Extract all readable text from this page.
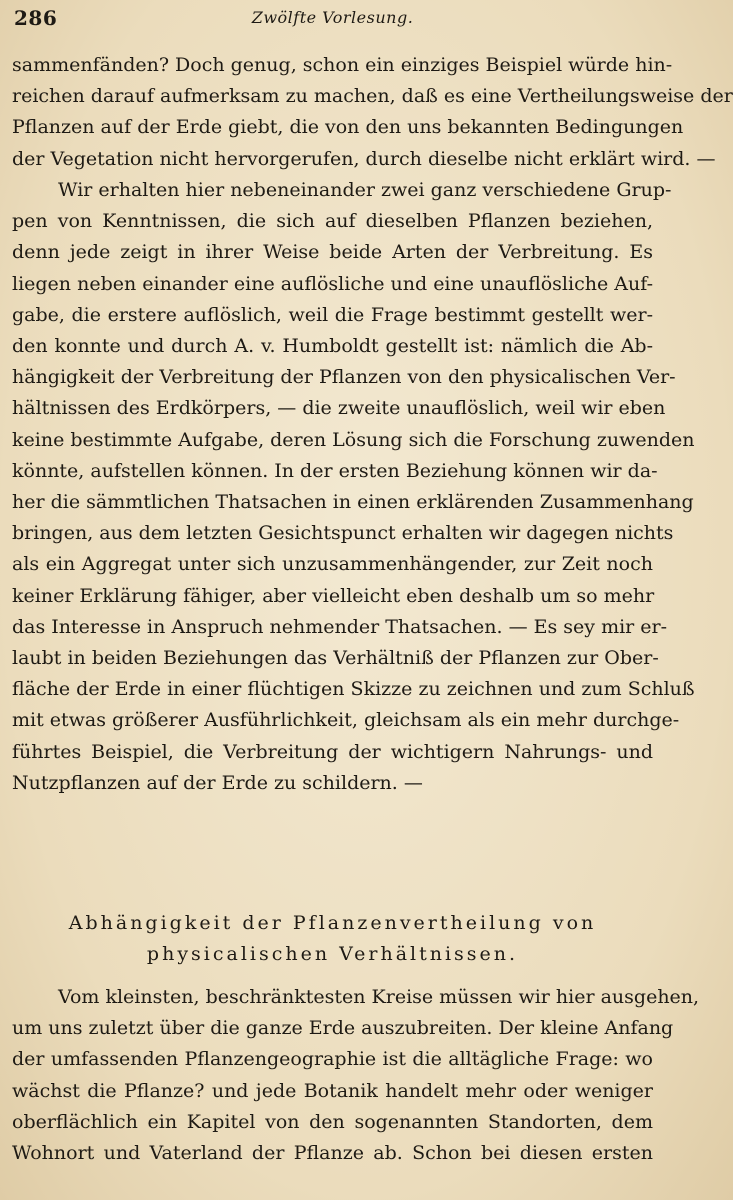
286	Zwölfte Vorlesung.

sammenfänden? Doch genug, schon ein einziges Beispiel würde hin-
reichen darauf aufmerksam zu machen, daß es eine Vertheilungsweise der
Pflanzen auf der Erde giebt, die von den uns bekannten Bedingungen
der Vegetation nicht hervorgerufen, durch dieselbe nicht erklärt wird. —

Wir erhalten hier nebeneinander zwei ganz verschiedene Grup-
pen von Kenntnissen, die sich auf dieselben Pflanzen beziehen,
denn jede zeigt in ihrer Weise beide Arten der Verbreitung. Es
liegen neben einander eine auflösliche und eine unauflösliche Auf-
gabe, die erstere auflöslich, weil die Frage bestimmt gestellt wer-
den konnte und durch A. v. Humboldt gestellt ist: nämlich die Ab-
hängigkeit der Verbreitung der Pflanzen von den physicalischen Ver-
hältnissen des Erdkörpers, — die zweite unauflöslich, weil wir eben
keine bestimmte Aufgabe, deren Lösung sich die Forschung zuwenden
könnte, aufstellen können. In der ersten Beziehung können wir da-
her die sämmtlichen Thatsachen in einen erklärenden Zusammenhang
bringen, aus dem letzten Gesichtspunct erhalten wir dagegen nichts
als ein Aggregat unter sich unzusammenhängender, zur Zeit noch
keiner Erklärung fähiger, aber vielleicht eben deshalb um so mehr
das Interesse in Anspruch nehmender Thatsachen. — Es sey mir er-
laubt in beiden Beziehungen das Verhältniß der Pflanzen zur Ober-
fläche der Erde in einer flüchtigen Skizze zu zeichnen und zum Schluß
mit etwas größerer Ausführlichkeit, gleichsam als ein mehr durchge-
führtes Beispiel, die Verbreitung der wichtigern Nahrungs- und
Nutzpflanzen auf der Erde zu schildern. —

Abhängigkeit der Pflanzenvertheilung von
physicalischen Verhältnissen.

Vom kleinsten, beschränktesten Kreise müssen wir hier ausgehen,
um uns zuletzt über die ganze Erde auszubreiten. Der kleine Anfang
der umfassenden Pflanzengeographie ist die alltägliche Frage: wo
wächst die Pflanze? und jede Botanik handelt mehr oder weniger
oberflächlich ein Kapitel von den sogenannten Standorten, dem
Wohnort und Vaterland der Pflanze ab. Schon bei diesen ersten
